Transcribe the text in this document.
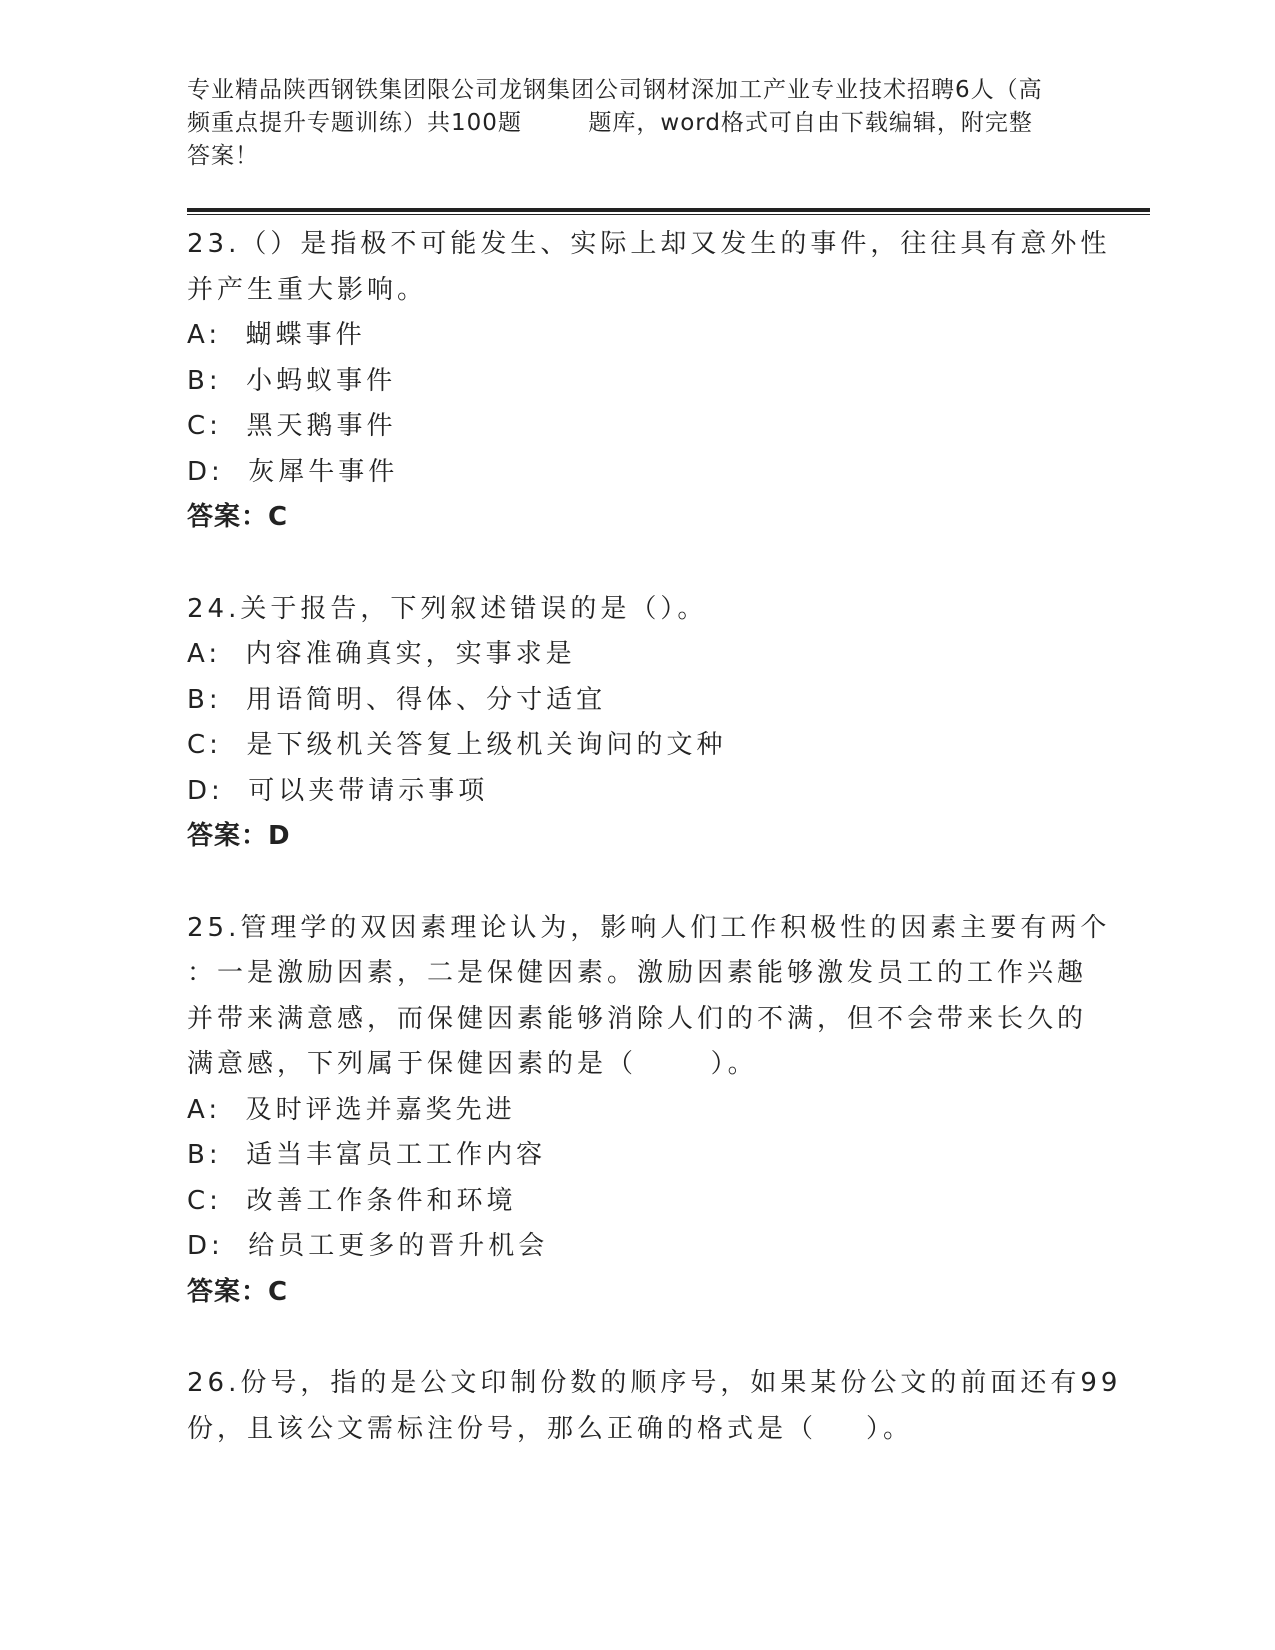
专业精品陕西钢铁集团限公司龙钢集团公司钢材深加工产业专业技术招聘6人（高
频重点提升专题训练）共100题        题库，word格式可自由下载编辑，附完整
答案！
23.（）是指极不可能发生、实际上却又发生的事件，往往具有意外性
并产生重大影响。
A:  蝴蝶事件
B:  小蚂蚁事件
C:  黑天鹅事件
D:  灰犀牛事件
答案：C
24.关于报告，下列叙述错误的是（）。
A:  内容准确真实，实事求是
B:  用语简明、得体、分寸适宜
C:  是下级机关答复上级机关询问的文种
D:  可以夹带请示事项
答案：D
25.管理学的双因素理论认为，影响人们工作积极性的因素主要有两个
：一是激励因素，二是保健因素。激励因素能够激发员工的工作兴趣
并带来满意感，而保健因素能够消除人们的不满，但不会带来长久的
满意感，下列属于保健因素的是（      ）。
A:  及时评选并嘉奖先进
B:  适当丰富员工工作内容
C:  改善工作条件和环境
D:  给员工更多的晋升机会
答案：C
26.份号，指的是公文印制份数的顺序号，如果某份公文的前面还有99
份，且该公文需标注份号，那么正确的格式是（    ）。
